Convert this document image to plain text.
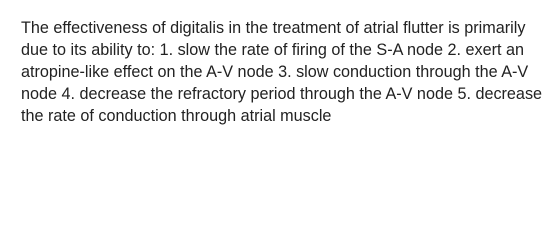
The effectiveness of digitalis in the treatment of atrial flutter is primarily due to its ability to: 1. slow the rate of firing of the S-A node 2. exert an atropine-like effect on the A-V node 3. slow conduction through the A-V node 4. decrease the refractory period through the A-V node 5. decrease the rate of conduction through atrial muscle
